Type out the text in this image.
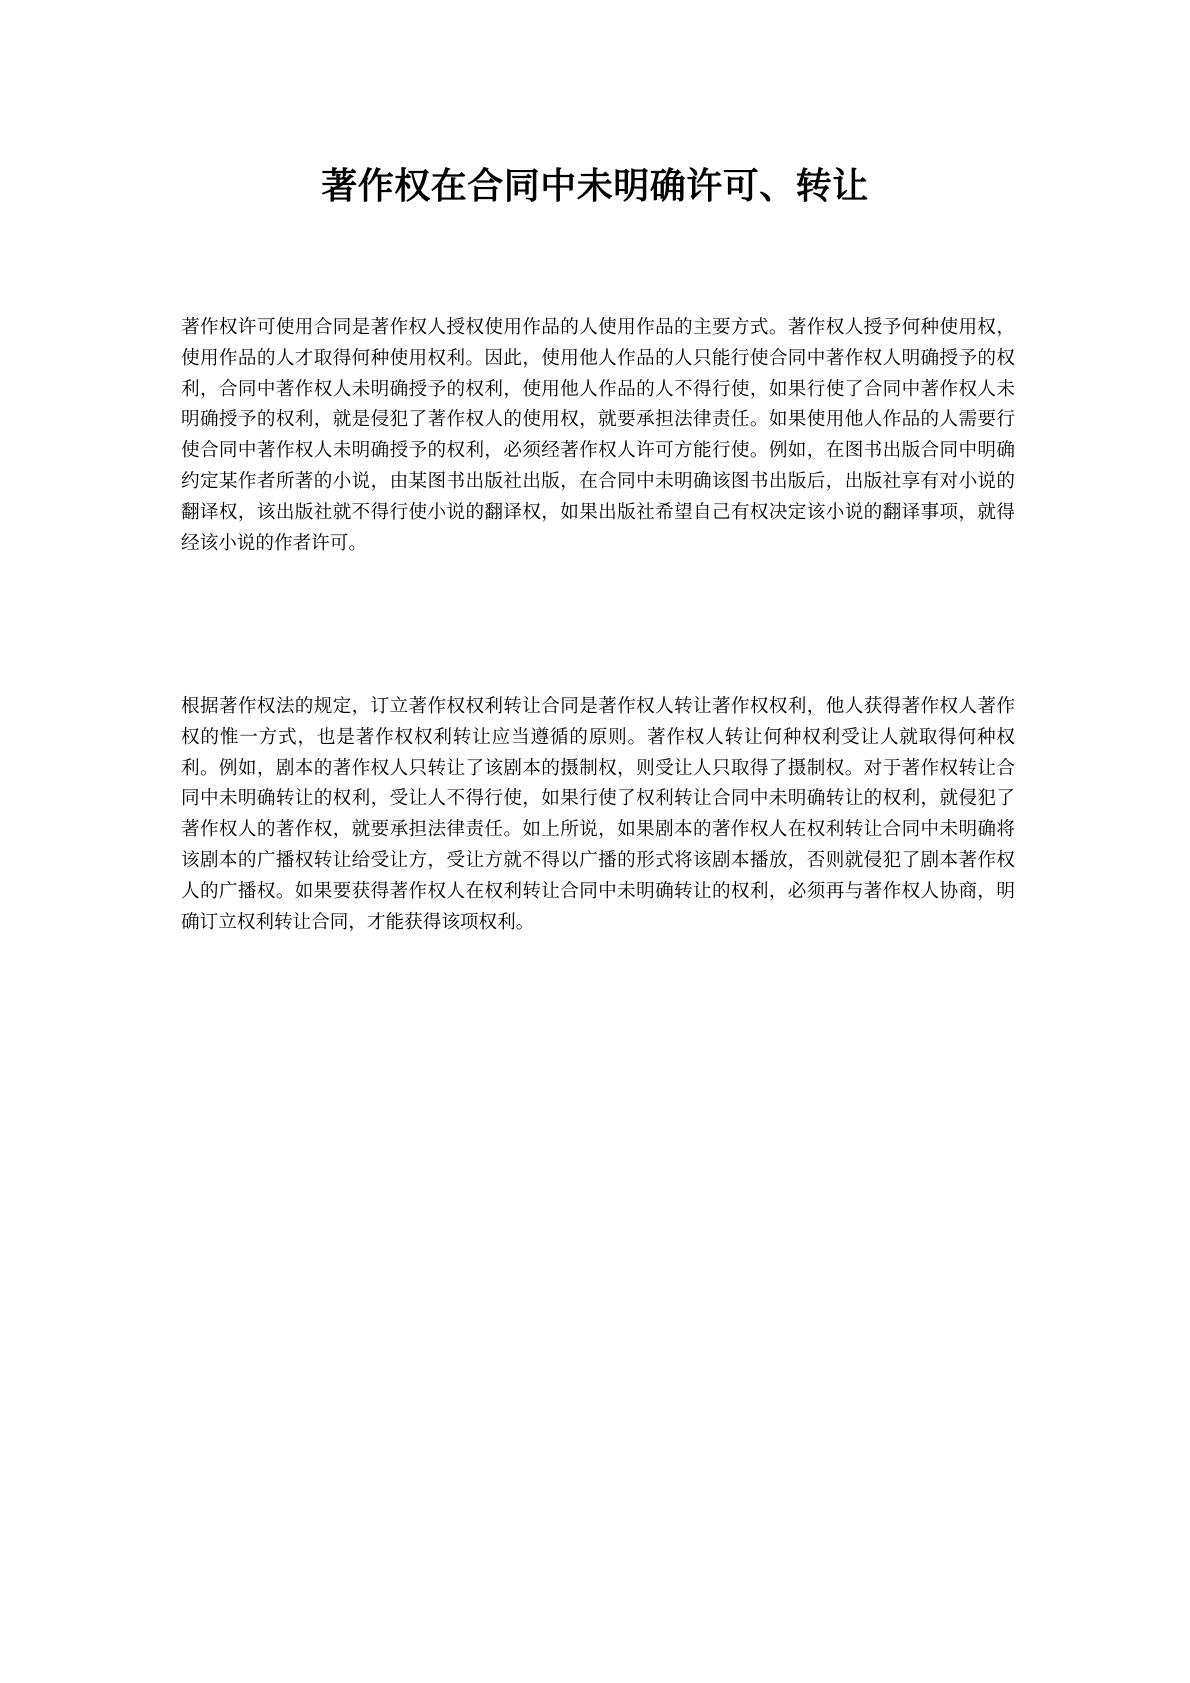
著作权在合同中未明确许可、转让

著作权许可使用合同是著作权人授权使用作品的人使用作品的主要方式。著作权人授予何种使用权，使用作品的人才取得何种使用权利。因此，使用他人作品的人只能行使合同中著作权人明确授予的权利，合同中著作权人未明确授予的权利，使用他人作品的人不得行使，如果行使了合同中著作权人未明确授予的权利，就是侵犯了著作权人的使用权，就要承担法律责任。如果使用他人作品的人需要行使合同中著作权人未明确授予的权利，必须经著作权人许可方能行使。例如，在图书出版合同中明确约定某作者所著的小说，由某图书出版社出版，在合同中未明确该图书出版后，出版社享有对小说的翻译权，该出版社就不得行使小说的翻译权，如果出版社希望自己有权决定该小说的翻译事项，就得经该小说的作者许可。

根据著作权法的规定，订立著作权权利转让合同是著作权人转让著作权权利，他人获得著作权人著作权的惟一方式，也是著作权权利转让应当遵循的原则。著作权人转让何种权利受让人就取得何种权利。例如，剧本的著作权人只转让了该剧本的摄制权，则受让人只取得了摄制权。对于著作权转让合同中未明确转让的权利，受让人不得行使，如果行使了权利转让合同中未明确转让的权利，就侵犯了著作权人的著作权，就要承担法律责任。如上所说，如果剧本的著作权人在权利转让合同中未明确将该剧本的广播权转让给受让方，受让方就不得以广播的形式将该剧本播放，否则就侵犯了剧本著作权人的广播权。如果要获得著作权人在权利转让合同中未明确转让的权利，必须再与著作权人协商，明确订立权利转让合同，才能获得该项权利。
